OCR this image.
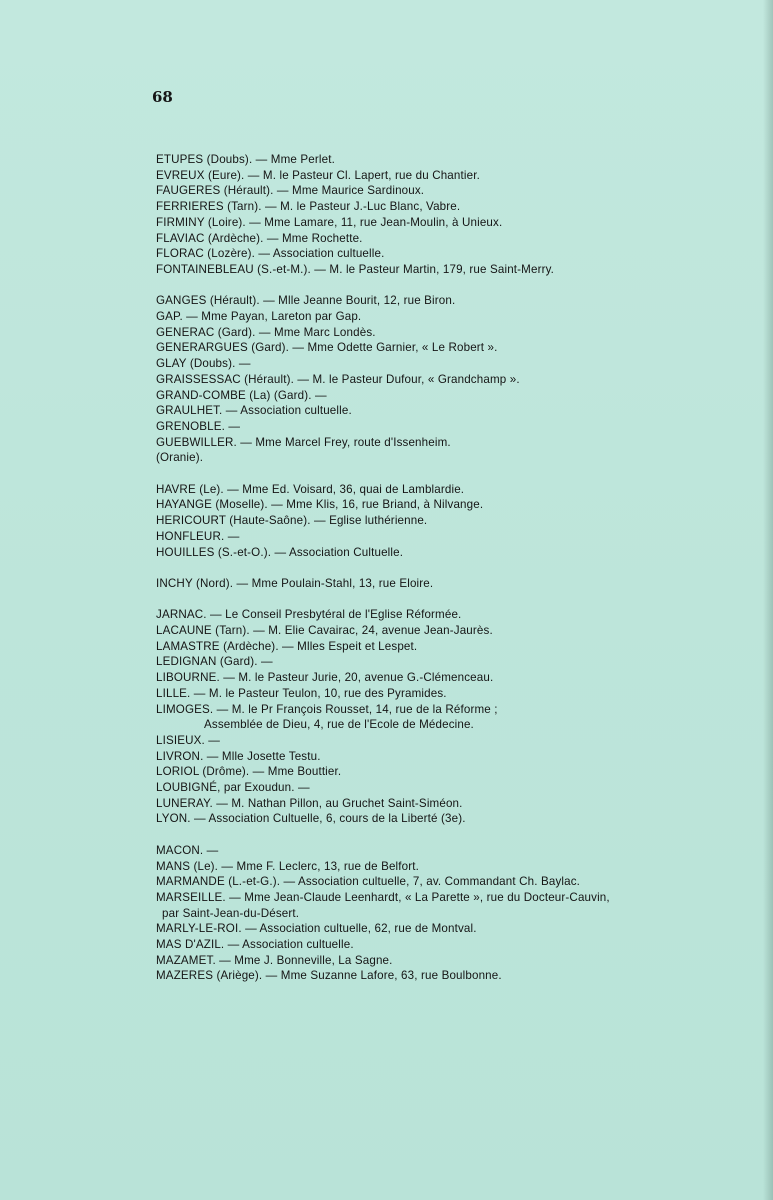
68
ETUPES (Doubs). — Mme Perlet.
EVREUX (Eure). — M. le Pasteur Cl. Lapert, rue du Chantier.
FAUGERES (Hérault). — Mme Maurice Sardinoux.
FERRIERES (Tarn). — M. le Pasteur J.-Luc Blanc, Vabre.
FIRMINY (Loire). — Mme Lamare, 11, rue Jean-Moulin, à Unieux.
FLAVIAC (Ardèche). — Mme Rochette.
FLORAC (Lozère). — Association cultuelle.
FONTAINEBLEAU (S.-et-M.). — M. le Pasteur Martin, 179, rue Saint-Merry.
GANGES (Hérault). — Mlle Jeanne Bourit, 12, rue Biron.
GAP. — Mme Payan, Lareton par Gap.
GENERAC (Gard). — Mme Marc Londès.
GENERARGUES (Gard). — Mme Odette Garnier, « Le Robert ».
GLAY (Doubs). —
GRAISSESSAC (Hérault). — M. le Pasteur Dufour, « Grandchamp ».
GRAND-COMBE (La) (Gard). —
GRAULHET. — Association cultuelle.
GRENOBLE. —
GUEBWILLER. — Mme Marcel Frey, route d'Issenheim.
(Oranie).
HAVRE (Le). — Mme Ed. Voisard, 36, quai de Lamblardie.
HAYANGE (Moselle). — Mme Klis, 16, rue Briand, à Nilvange.
HERICOURT (Haute-Saône). — Eglise luthérienne.
HONFLEUR. —
HOUILLES (S.-et-O.). — Association Cultuelle.
INCHY (Nord). — Mme Poulain-Stahl, 13, rue Eloire.
JARNAC. — Le Conseil Presbytéral de l'Eglise Réformée.
LACAUNE (Tarn). — M. Elie Cavairac, 24, avenue Jean-Jaurès.
LAMASTRE (Ardèche). — Mlles Espeit et Lespet.
LEDIGNAN (Gard). —
LIBOURNE. — M. le Pasteur Jurie, 20, avenue G.-Clémenceau.
LILLE. — M. le Pasteur Teulon, 10, rue des Pyramides.
LIMOGES. — M. le Pr François Rousset, 14, rue de la Réforme ;
Assemblée de Dieu, 4, rue de l'Ecole de Médecine.
LISIEUX. —
LIVRON. — Mlle Josette Testu.
LORIOL (Drôme). — Mme Bouttier.
LOUBIGNÉ, par Exoudun. —
LUNERAY. — M. Nathan Pillon, au Gruchet Saint-Siméon.
LYON. — Association Cultuelle, 6, cours de la Liberté (3e).
MACON. —
MANS (Le). — Mme F. Leclerc, 13, rue de Belfort.
MARMANDE (L.-et-G.). — Association cultuelle, 7, av. Commandant Ch. Baylac.
MARSEILLE. — Mme Jean-Claude Leenhardt, « La Parette », rue du Docteur-Cauvin,
par Saint-Jean-du-Désert.
MARLY-LE-ROI. — Association cultuelle, 62, rue de Montval.
MAS D'AZIL. — Association cultuelle.
MAZAMET. — Mme J. Bonneville, La Sagne.
MAZERES (Ariège). — Mme Suzanne Lafore, 63, rue Boulbonne.
